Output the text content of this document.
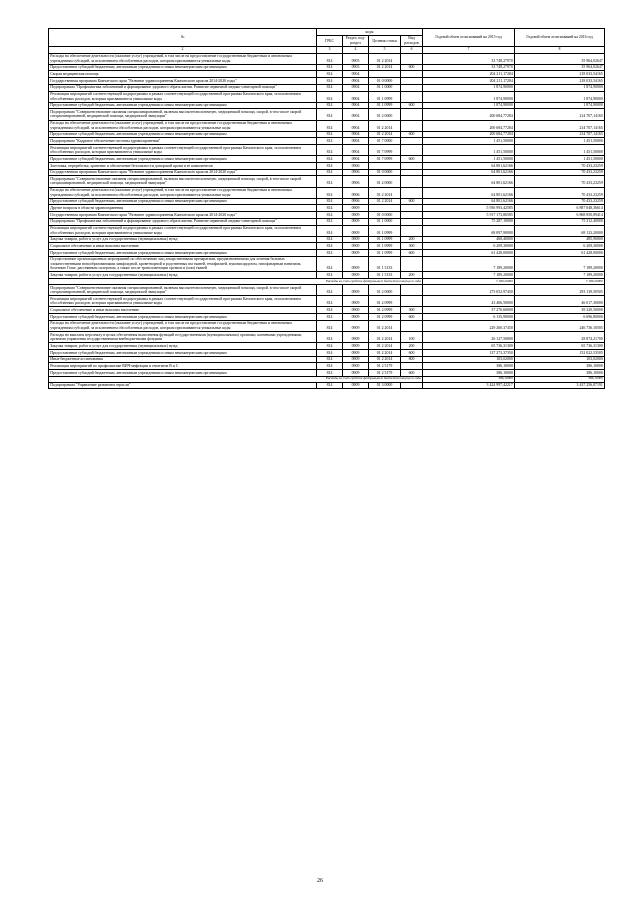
№	коды				Годовой объем ассигнований на 2015 год	Годовой объем ассигнований на 2016 год
	ГРБС	Раздел, под-раздел	Целевая статья	Вид расходов		
2	3	4	5	6	7	8
Расходы на обеспечение деятельности (оказание услуг) учреждений, в том числе на предоставление государственным бюджетным и автономным учреждениям субсидий, за исключением обособленных расходов, которым присваиваются уникальные коды	814	0903	01 2 2014		33 748,27970	35 964,02647
Предоставление субсидий бюджетным, автономным учреждениям и иным некоммерческим организациям	814	0903	01 2 2014	600	33 748,27970	35 964,02647
Скорая медицинская помощь	814	0904			204 211,17284	218 033,54165
Государственная программа Камчатского края "Развитие здравоохранения Камчатского края на 2014-2020 годы"	814	0904	01 0 0000		204 211,17284	218 033,54165
Подпрограмма "Профилактика заболеваний и формирование здорового образа жизни. Развитие первичной медико-санитарной помощи"	814	0904	01 1 0000		1 874,90000	1 874,90000
Реализация мероприятий соответствующей подпрограммы в рамках соответствующей государственной программы Камчатского края, за исключением обособленных расходов, которым присваиваются уникальные коды	814	0904	01 1 0999		1 874,90000	1 874,90000
Предоставление субсидий бюджетным, автономным учреждениям и иным некоммерческим организациям	814	0904	01 1 0999	600	1 874,90000	1 874,90000
Подпрограмма "Совершенствование оказания специализированной, включая высокотехнологичную, медицинской помощи, скорой, в том числе скорой специализированной, медицинской помощи, медицинской эвакуации"	814	0904	01 2 0000		200 684,77284	214 707,14165
Расходы на обеспечение деятельности (оказание услуг) учреждений, в том числе на предоставление государственным бюджетным и автономным учреждениям субсидий, за исключением обособленных расходов, которым присваиваются уникальные коды	814	0904	01 2 2014		200 684,77284	214 707,14165
Предоставление субсидий бюджетным, автономным учреждениям и иным некоммерческим организациям	814	0904	01 2 2014	600	200 684,77284	214 707,14165
Подпрограмма "Кадровое обеспечение системы здравоохранения"	814	0904	01 7 0000		1 451,50000	1 451,50000
Реализация мероприятий соответствующей подпрограммы в рамках соответствующей государственной программы Камчатского края, за исключением обособленных расходов, которым присваиваются уникальные коды	814	0904	01 7 0999		1 451,50000	1 451,50000
Предоставление субсидий бюджетным, автономным учреждениям и иным некоммерческим организациям	814	0904	01 7 0999	600	1 451,50000	1 451,50000
Заготовка, переработка, хранение и обеспечение безопасности донорской крови и ее компонентов	814	0906			64 801,62166	70 433,23259
Государственная программа Камчатского края "Развитие здравоохранения Камчатского края на 2014-2020 годы"	814	0906	01 0 0000		64 801,62166	70 433,23259
Подпрограмма "Совершенствование оказания специализированной, включая высокотехнологичную, медицинской помощи, скорой, в том числе скорой специализированной, медицинской помощи, медицинской эвакуации"	814	0906	01 2 0000		64 801,62166	70 433,23259
Расходы на обеспечение деятельности (оказание услуг) учреждений, в том числе на предоставление государственным бюджетным и автономным учреждениям субсидий, за исключением обособленных расходов, которым присваиваются уникальные коды	814	0906	01 2 2014		64 801,62166	70 433,23259
Предоставление субсидий бюджетным, автономным учреждениям и иным некоммерческим организациям	814	0906	01 2 2014	600	64 801,62166	70 433,23259
Другие вопросы в области здравоохранения	814	0909			5 936 993,42585	6 887 048,36614
Государственная программа Камчатского края "Развитие здравоохранения Камчатского края на 2014-2020 годы"	814	0909	01 0 0000		5 917 173,86585	6 868 850,89414
Подпрограмма "Профилактика заболеваний и формирование здорового образа жизни. Развитие первичной медико-санитарной помощи"	814	0909	01 1 0000		75 287,10000	75 312,40000
Реализация мероприятий соответствующей подпрограммы в рамках соответствующей государственной программы Камчатского края, за исключением обособленных расходов, которым присваиваются уникальные коды	814	0909	01 1 0999		68 097,90000	68 123,20000
Закупка товаров, работ и услуг для государственных (муниципальных) нужд	814	0909	01 1 0999	200	460,40000	485,90000
Социальное обеспечение и иные выплаты населению	814	0909	01 1 0999	300	6 209,30000	6 209,30000
Предоставление субсидий бюджетным, автономным учреждениям и иным некоммерческим организациям	814	0909	01 1 0999	600	61 428,00000	61 428,00000
Осуществление организационных мероприятий по обеспечению лиц лекарственными препаратами, предназначенными для лечения больных злокачественными новообразованиями лимфоидной, кроветворной и родственных им тканей, гемофилией, муковисцидозом, гипофизарным нанизмом, болезнью Гоше, рассеянным склерозом, а также после трансплантации органов и (или) тканей	814	0909	01 1 5133		7 189,20000	7 189,20000
Закупка товаров, работ и услуг для государственных (муниципальных) нужд	814	0909	01 1 5133	200	7 189,20000	7 189,20000
Расходы за счет средств федерального бюджета текущего года					7 189,20000	7 189,20000
Подпрограмма "Совершенствование оказания специализированной, включая высокотехнологичную, медицинской помощи, скорой, в том числе скорой специализированной, медицинской помощи, медицинской эвакуации"	814	0909	01 2 0000		275 052,97450	293 139,50505
Реализация мероприятий соответствующей подпрограммы в рамках соответствующей государственной программы Камчатского края, за исключением обособленных расходов, которым присваиваются уникальные коды	814	0909	01 2 0999		43 406,50000	46 017,30000
Социальное обеспечение и иные выплаты населению	814	0909	01 2 0999	300	37 270,60000	39 320,50000
Предоставление субсидий бюджетным, автономным учреждениям и иным некоммерческим организациям	814	0909	01 2 0999	600	6 135,90000	6 696,80000
Расходы на обеспечение деятельности (оказание услуг) учреждений, в том числе на предоставление государственным бюджетным и автономным учреждениям субсидий, за исключением обособленных расходов, которым присваиваются уникальные коды	814	0909	01 2 2014		229 260,37450	246 736,10505
Расходы на выплаты персоналу в целях обеспечения выполнения функций государственными (муниципальными) органами, казенными учреждениями, органами управления государственными внебюджетными фондами	814	0909	01 2 2014	100	26 127,56800	28 874,21700
Закупка товаров, работ и услуг для государственных (муниципальных) нужд	814	0909	01 2 2014	200	65 736,31300	65 736,31300
Предоставление субсидий бюджетным, автономным учреждениям и иным некоммерческим организациям	814	0909	01 2 2014	600	137 273,37350	152 022,53505
Иные бюджетные ассигнования	814	0909	01 2 2014	800	103,02000	103,02000
Реализация мероприятий по профилактике ВИЧ-инфекции и гепатитов В и С	814	0909	01 2 5179		386,10000	386,10000
Предоставление субсидий бюджетным, автономным учреждениям и иным некоммерческим организациям	814	0909	01 2 5179	600	386,10000	386,10000
Расходы за счет средств федерального бюджета текущего года					386,10000	386,10000
Подпрограмма "Управление развитием отрасли"	814	0909	01 3 0000		3 424 997,42217	3 437 256,87191
26
